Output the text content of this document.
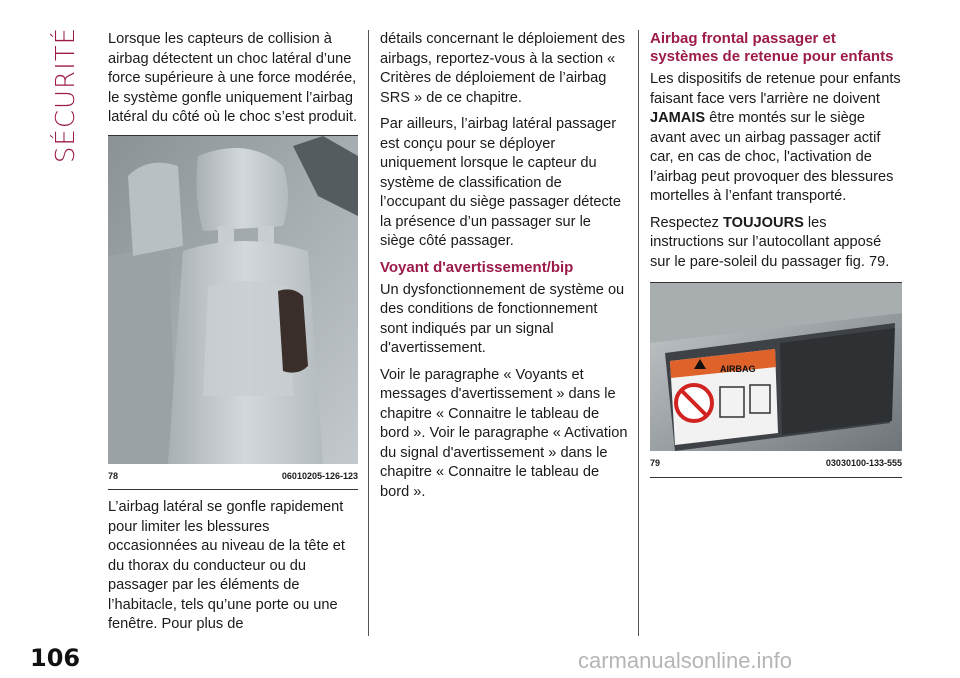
SÉCURITÉ Lorsque les capteurs de collision à airbag détectent un choc latéral d’une force supérieure à une force modérée, le système gonfle uniquement l’airbag latéral du côté où le choc s’est produit.

78	06010205-126-123

L’airbag latéral se gonfle rapidement pour limiter les blessures occasionnées au niveau de la tête et du thorax du conducteur ou du passager par les éléments de l’habitacle, tels qu’une porte ou une fenêtre. Pour plus de

détails concernant le déploiement des airbags, reportez-vous à la section « Critères de déploiement de l’airbag SRS » de ce chapitre.

Par ailleurs, l’airbag latéral passager est conçu pour se déployer uniquement lorsque le capteur du système de classification de l’occupant du siège passager détecte la présence d’un passager sur le siège côté passager.

Voyant d'avertissement/bip

Un dysfonctionnement de système ou des conditions de fonctionnement sont indiqués par un signal d'avertissement.

Voir le paragraphe « Voyants et messages d'avertissement » dans le chapitre « Connaitre le tableau de bord ». Voir le paragraphe « Activation du signal d'avertissement » dans le chapitre « Connaitre le tableau de bord ».

Airbag frontal passager et systèmes de retenue pour enfants

Les dispositifs de retenue pour enfants faisant face vers l'arrière ne doivent JAMAIS être montés sur le siège avant avec un airbag passager actif car, en cas de choc, l'activation de l’airbag peut provoquer des blessures mortelles à l’enfant transporté.

Respectez TOUJOURS les instructions sur l’autocollant apposé sur le pare-soleil du passager fig. 79.

AIRBAG
79	03030100-133-555
106	carmanualsonline.info
